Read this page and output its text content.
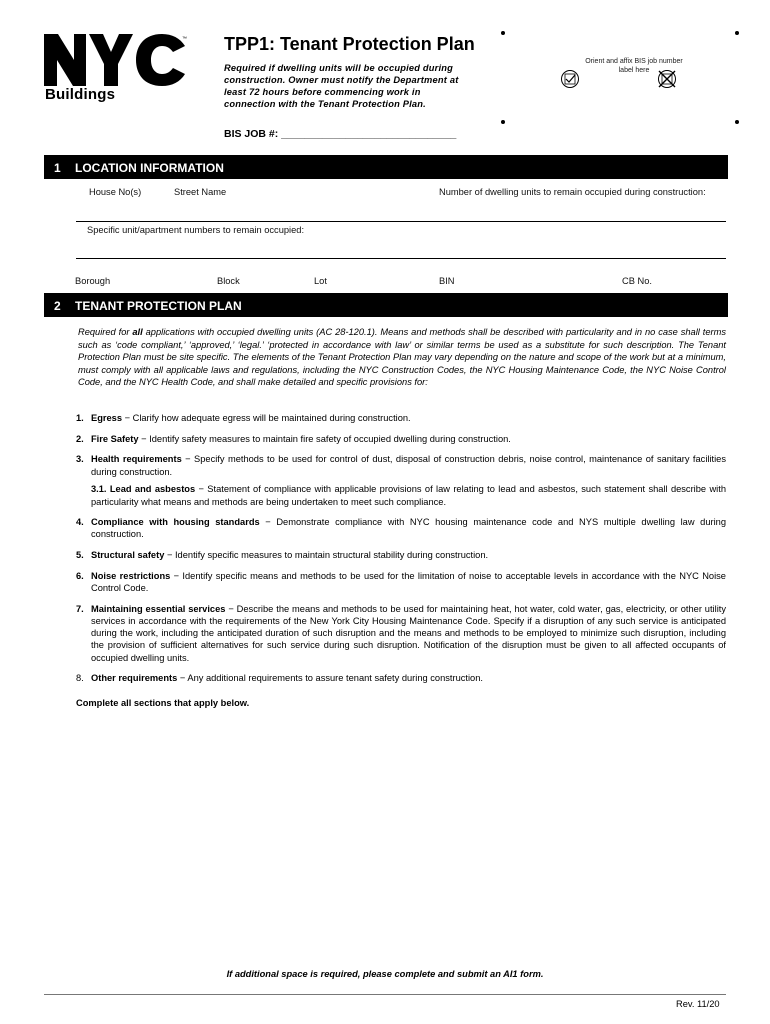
™
Buildings
TPP1: Tenant Protection Plan
Required if dwelling units will be occupied during construction. Owner must notify the Department at least 72 hours before commencing work in connection with the Tenant Protection Plan.
BIS JOB #: ______________________________
Orient and affix BIS job number label here
1 LOCATION INFORMATION
House No(s)	Street Name	Number of dwelling units to remain occupied during construction:
Specific unit/apartment numbers to remain occupied:
Borough	Block	Lot	BIN	CB No.
2 TENANT PROTECTION PLAN
Required for all applications with occupied dwelling units (AC 28-120.1). Means and methods shall be described with particularity and in no case shall terms such as ‘code compliant,’ ‘approved,’ ‘legal.’ ‘protected in accordance with law’ or similar terms be used as a substitute for such description. The Tenant Protection Plan must be site specific. The elements of the Tenant Protection Plan may vary depending on the nature and scope of the work but at a minimum, must comply with all applicable laws and regulations, including the NYC Construction Codes, the NYC Housing Maintenance Code, the NYC Noise Control Code, and the NYC Health Code, and shall make detailed and specific provisions for:
1. Egress − Clarify how adequate egress will be maintained during construction.
2. Fire Safety − Identify safety measures to maintain fire safety of occupied dwelling during construction.
3. Health requirements − Specify methods to be used for control of dust, disposal of construction debris, noise control, maintenance of sanitary facilities during construction.
3.1. Lead and asbestos − Statement of compliance with applicable provisions of law relating to lead and asbestos, such statement shall describe with particularity what means and methods are being undertaken to meet such compliance.
4. Compliance with housing standards − Demonstrate compliance with NYC housing maintenance code and NYS multiple dwelling law during construction.
5. Structural safety − Identify specific measures to maintain structural stability during construction.
6. Noise restrictions − Identify specific means and methods to be used for the limitation of noise to acceptable levels in accordance with the NYC Noise Control Code.
7. Maintaining essential services − Describe the means and methods to be used for maintaining heat, hot water, cold water, gas, electricity, or other utility services in accordance with the requirements of the New York City Housing Maintenance Code. Specify if a disruption of any such service is anticipated during the work, including the anticipated duration of such disruption and the means and methods to be employed to minimize such disruption, including the provision of sufficient alternatives for such service during such disruption. Notification of the disruption must be given to all affected occupants of occupied dwelling units.
8. Other requirements − Any additional requirements to assure tenant safety during construction.
Complete all sections that apply below.
If additional space is required, please complete and submit an AI1 form.
Rev. 11/20
